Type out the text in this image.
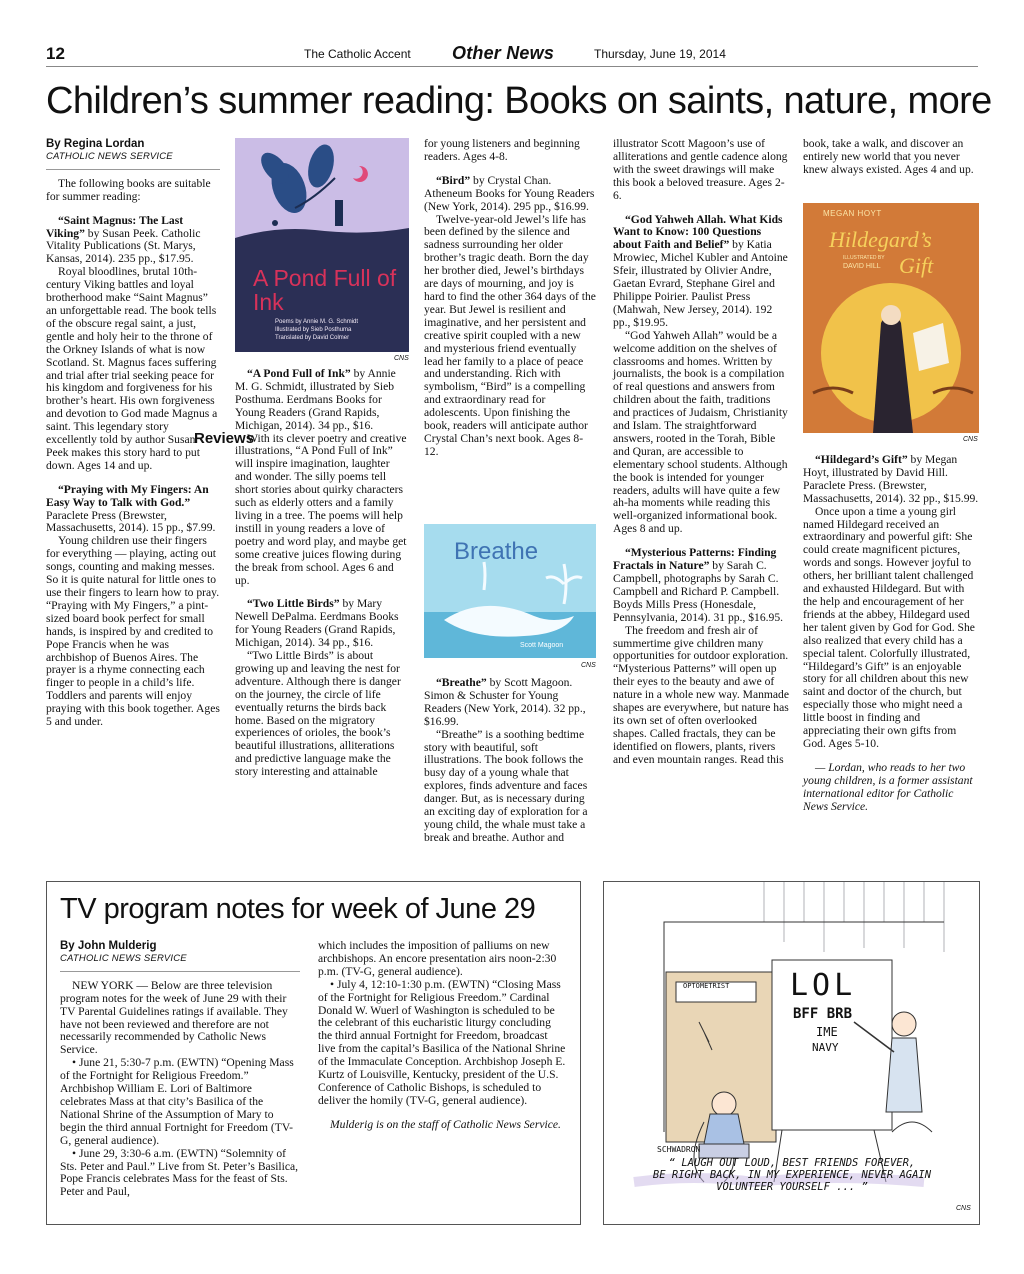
12	The Catholic Accent Other News	Thursday, June 19, 2014
Children’s summer reading: Books on saints, nature, more
By Regina Lordan
CATHOLIC NEWS SERVICE

The following books are suitable for summer reading:

“Saint Magnus: The Last Viking” by Susan Peek. Catholic Vitality Publications (St. Marys, Kansas, 2014). 235 pp., $17.95.

Royal bloodlines, brutal 10th-century Viking battles and loyal brotherhood make “Saint Magnus” an unforgettable read. The book tells of the obscure regal saint, a just, gentle and holy heir to the throne of the Orkney Islands of what is now Scotland. St. Magnus faces suffering and trial after trial seeking peace for his kingdom and forgiveness for his brother’s heart. His own forgiveness and devotion to God made Magnus a saint. This legendary story excellently told by author Susan Peek makes this story hard to put down. Ages 14 and up.

“Praying with My Fingers: An Easy Way to Talk with God.” Paraclete Press (Brewster, Massachusetts, 2014). 15 pp., $7.99.

Young children use their fingers for everything — playing, acting out songs, counting and making messes. So it is quite natural for little ones to use their fingers to learn how to pray. “Praying with My Fingers,” a pint-sized board book perfect for small hands, is inspired by and credited to Pope Francis when he was archbishop of Buenos Aires. The prayer is a rhyme connecting each finger to people in a child’s life. Toddlers and parents will enjoy praying with this book together. Ages 5 and under.

A Pond Full of Ink
Poems by Annie M. G. Schmidt
Illustrated by Sieb Posthuma
Translated by David Colmer
CNS
Reviews

“A Pond Full of Ink” by Annie M. G. Schmidt, illustrated by Sieb Posthuma. Eerdmans Books for Young Readers (Grand Rapids, Michigan, 2014). 34 pp., $16.

With its clever poetry and creative illustrations, “A Pond Full of Ink” will inspire imagination, laughter and wonder. The silly poems tell short stories about quirky characters such as elderly otters and a family living in a tree. The poems will help instill in young readers a love of poetry and word play, and maybe get some creative juices flowing during the break from school. Ages 6 and up.

“Two Little Birds” by Mary Newell DePalma. Eerdmans Books for Young Readers (Grand Rapids, Michigan, 2014). 34 pp., $16.

“Two Little Birds” is about growing up and leaving the nest for adventure. Although there is danger on the journey, the circle of life eventually returns the birds back home. Based on the migratory experiences of orioles, the book’s beautiful illustrations, alliterations and predictive language make the story interesting and attainable

for young listeners and beginning readers. Ages 4-8.

“Bird” by Crystal Chan. Atheneum Books for Young Readers (New York, 2014). 295 pp., $16.99.

Twelve-year-old Jewel’s life has been defined by the silence and sadness surrounding her older brother’s tragic death. Born the day her brother died, Jewel’s birthdays are days of mourning, and joy is hard to find the other 364 days of the year. But Jewel is resilient and imaginative, and her persistent and creative spirit coupled with a new and mysterious friend eventually lead her family to a place of peace and understanding. Rich with symbolism, “Bird” is a compelling and extraordinary read for adolescents. Upon finishing the book, readers will anticipate author Crystal Chan’s next book. Ages 8-12.

Breathe
Scott Magoon
CNS

“Breathe” by Scott Magoon. Simon & Schuster for Young Readers (New York, 2014). 32 pp., $16.99.

“Breathe” is a soothing bedtime story with beautiful, soft illustrations. The book follows the busy day of a young whale that explores, finds adventure and faces danger. But, as is necessary during an exciting day of exploration for a young child, the whale must take a break and breathe. Author and

illustrator Scott Magoon’s use of alliterations and gentle cadence along with the sweet drawings will make this book a beloved treasure. Ages 2-6.

“God Yahweh Allah. What Kids Want to Know: 100 Questions about Faith and Belief” by Katia Mrowiec, Michel Kubler and Antoine Sfeir, illustrated by Olivier Andre, Gaetan Evrard, Stephane Girel and Philippe Poirier. Paulist Press (Mahwah, New Jersey, 2014). 192 pp., $19.95.

“God Yahweh Allah” would be a welcome addition on the shelves of classrooms and homes. Written by journalists, the book is a compilation of real questions and answers from children about the faith, traditions and practices of Judaism, Christianity and Islam. The straightforward answers, rooted in the Torah, Bible and Quran, are accessible to elementary school students. Although the book is intended for younger readers, adults will have quite a few ah-ha moments while reading this well-organized informational book. Ages 8 and up.

“Mysterious Patterns: Finding Fractals in Nature” by Sarah C. Campbell, photographs by Sarah C. Campbell and Richard P. Campbell. Boyds Mills Press (Honesdale, Pennsylvania, 2014). 31 pp., $16.95.

The freedom and fresh air of summertime give children many opportunities for outdoor exploration. “Mysterious Patterns” will open up their eyes to the beauty and awe of nature in a whole new way. Manmade shapes are everywhere, but nature has its own set of often overlooked shapes. Called fractals, they can be identified on flowers, plants, rivers and even mountain ranges. Read this

book, take a walk, and discover an entirely new world that you never knew always existed. Ages 4 and up.

MEGAN HOYT
Hildegard’s
Gift
ILLUSTRATED BY
DAVID HILL
CNS

“Hildegard’s Gift” by Megan Hoyt, illustrated by David Hill. Paraclete Press. (Brewster, Massachusetts, 2014). 32 pp., $15.99.

Once upon a time a young girl named Hildegard received an extraordinary and powerful gift: She could create magnificent pictures, words and songs. However joyful to others, her brilliant talent challenged and exhausted Hildegard. But with the help and encouragement of her friends at the abbey, Hildegard used her talent given by God for God. She also realized that every child has a special talent. Colorfully illustrated, “Hildegard’s Gift” is an enjoyable story for all children about this new saint and doctor of the church, but especially those who might need a little boost in finding and appreciating their own gifts from God. Ages 5-10.

— Lordan, who reads to her two young children, is a former assistant international editor for Catholic News Service.

TV program notes for week of June 29
By John Mulderig
CATHOLIC NEWS SERVICE

NEW YORK — Below are three television program notes for the week of June 29 with their TV Parental Guidelines ratings if available. They have not been reviewed and therefore are not necessarily recommended by Catholic News Service.

• June 21, 5:30-7 p.m. (EWTN) “Opening Mass of the Fortnight for Religious Freedom.” Archbishop William E. Lori of Baltimore celebrates Mass at that city’s Basilica of the National Shrine of the Assumption of Mary to begin the third annual Fortnight for Freedom (TV-G, general audience).

• June 29, 3:30-6 a.m. (EWTN) “Solemnity of Sts. Peter and Paul.” Live from St. Peter’s Basilica, Pope Francis celebrates Mass for the feast of Sts. Peter and Paul,

which includes the imposition of palliums on new archbishops. An encore presentation airs noon-2:30 p.m. (TV-G, general audience).

• July 4, 12:10-1:30 p.m. (EWTN) “Closing Mass of the Fortnight for Religious Freedom.” Cardinal Donald W. Wuerl of Washington is scheduled to be the celebrant of this eucharistic liturgy concluding the third annual Fortnight for Freedom, broadcast live from the capital’s Basilica of the National Shrine of the Immaculate Conception. Archbishop Joseph E. Kurtz of Louisville, Kentucky, president of the U.S. Conference of Catholic Bishops, is scheduled to deliver the homily (TV-G, general audience).

Mulderig is on the staff of Catholic News Service.

OPTOMETRIST LOL
BFF BRB
IME
NAVY
SCHWADRON
“ LAUGH OUT LOUD, BEST FRIENDS FOREVER,
BE RIGHT BACK, IN MY EXPERIENCE, NEVER AGAIN
VOLUNTEER YOURSELF ... ”
CNS
